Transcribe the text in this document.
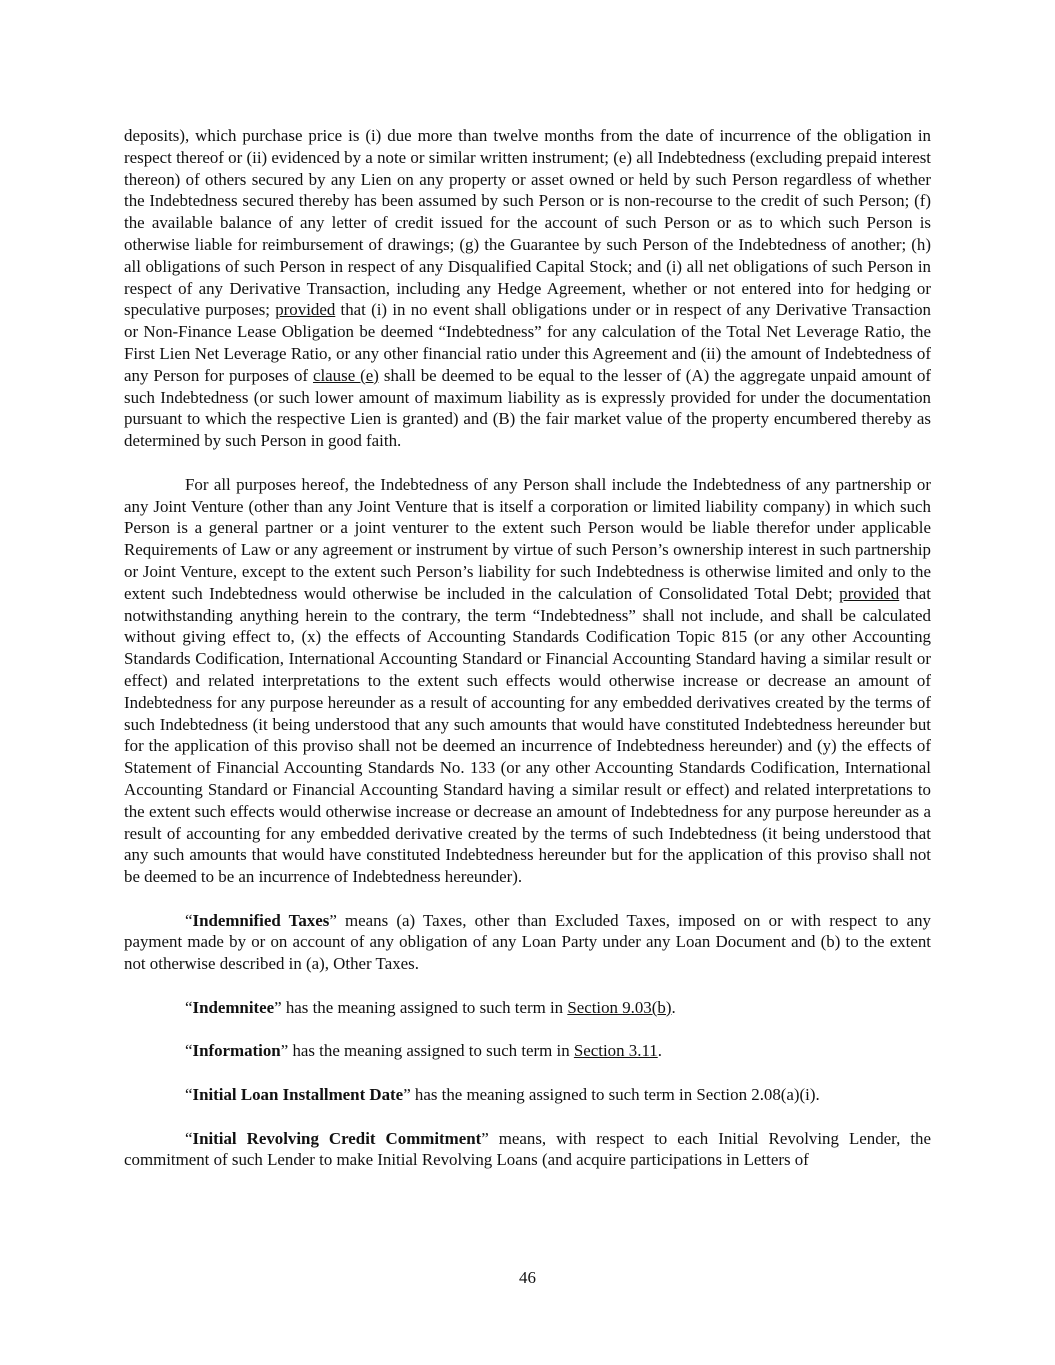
deposits), which purchase price is (i) due more than twelve months from the date of incurrence of the obligation in respect thereof or (ii) evidenced by a note or similar written instrument; (e) all Indebtedness (excluding prepaid interest thereon) of others secured by any Lien on any property or asset owned or held by such Person regardless of whether the Indebtedness secured thereby has been assumed by such Person or is non-recourse to the credit of such Person; (f) the available balance of any letter of credit issued for the account of such Person or as to which such Person is otherwise liable for reimbursement of drawings; (g) the Guarantee by such Person of the Indebtedness of another; (h) all obligations of such Person in respect of any Disqualified Capital Stock; and (i) all net obligations of such Person in respect of any Derivative Transaction, including any Hedge Agreement, whether or not entered into for hedging or speculative purposes; provided that (i) in no event shall obligations under or in respect of any Derivative Transaction or Non-Finance Lease Obligation be deemed “Indebtedness” for any calculation of the Total Net Leverage Ratio, the First Lien Net Leverage Ratio, or any other financial ratio under this Agreement and (ii) the amount of Indebtedness of any Person for purposes of clause (e) shall be deemed to be equal to the lesser of (A) the aggregate unpaid amount of such Indebtedness (or such lower amount of maximum liability as is expressly provided for under the documentation pursuant to which the respective Lien is granted) and (B) the fair market value of the property encumbered thereby as determined by such Person in good faith.

For all purposes hereof, the Indebtedness of any Person shall include the Indebtedness of any partnership or any Joint Venture (other than any Joint Venture that is itself a corporation or limited liability company) in which such Person is a general partner or a joint venturer to the extent such Person would be liable therefor under applicable Requirements of Law or any agreement or instrument by virtue of such Person’s ownership interest in such partnership or Joint Venture, except to the extent such Person’s liability for such Indebtedness is otherwise limited and only to the extent such Indebtedness would otherwise be included in the calculation of Consolidated Total Debt; provided that notwithstanding anything herein to the contrary, the term “Indebtedness” shall not include, and shall be calculated without giving effect to, (x) the effects of Accounting Standards Codification Topic 815 (or any other Accounting Standards Codification, International Accounting Standard or Financial Accounting Standard having a similar result or effect) and related interpretations to the extent such effects would otherwise increase or decrease an amount of Indebtedness for any purpose hereunder as a result of accounting for any embedded derivatives created by the terms of such Indebtedness (it being understood that any such amounts that would have constituted Indebtedness hereunder but for the application of this proviso shall not be deemed an incurrence of Indebtedness hereunder) and (y) the effects of Statement of Financial Accounting Standards No. 133 (or any other Accounting Standards Codification, International Accounting Standard or Financial Accounting Standard having a similar result or effect) and related interpretations to the extent such effects would otherwise increase or decrease an amount of Indebtedness for any purpose hereunder as a result of accounting for any embedded derivative created by the terms of such Indebtedness (it being understood that any such amounts that would have constituted Indebtedness hereunder but for the application of this proviso shall not be deemed to be an incurrence of Indebtedness hereunder).

“Indemnified Taxes” means (a) Taxes, other than Excluded Taxes, imposed on or with respect to any payment made by or on account of any obligation of any Loan Party under any Loan Document and (b) to the extent not otherwise described in (a), Other Taxes.

“Indemnitee” has the meaning assigned to such term in Section 9.03(b).

“Information” has the meaning assigned to such term in Section 3.11.

“Initial Loan Installment Date” has the meaning assigned to such term in Section 2.08(a)(i).

“Initial Revolving Credit Commitment” means, with respect to each Initial Revolving Lender, the commitment of such Lender to make Initial Revolving Loans (and acquire participations in Letters of

46
